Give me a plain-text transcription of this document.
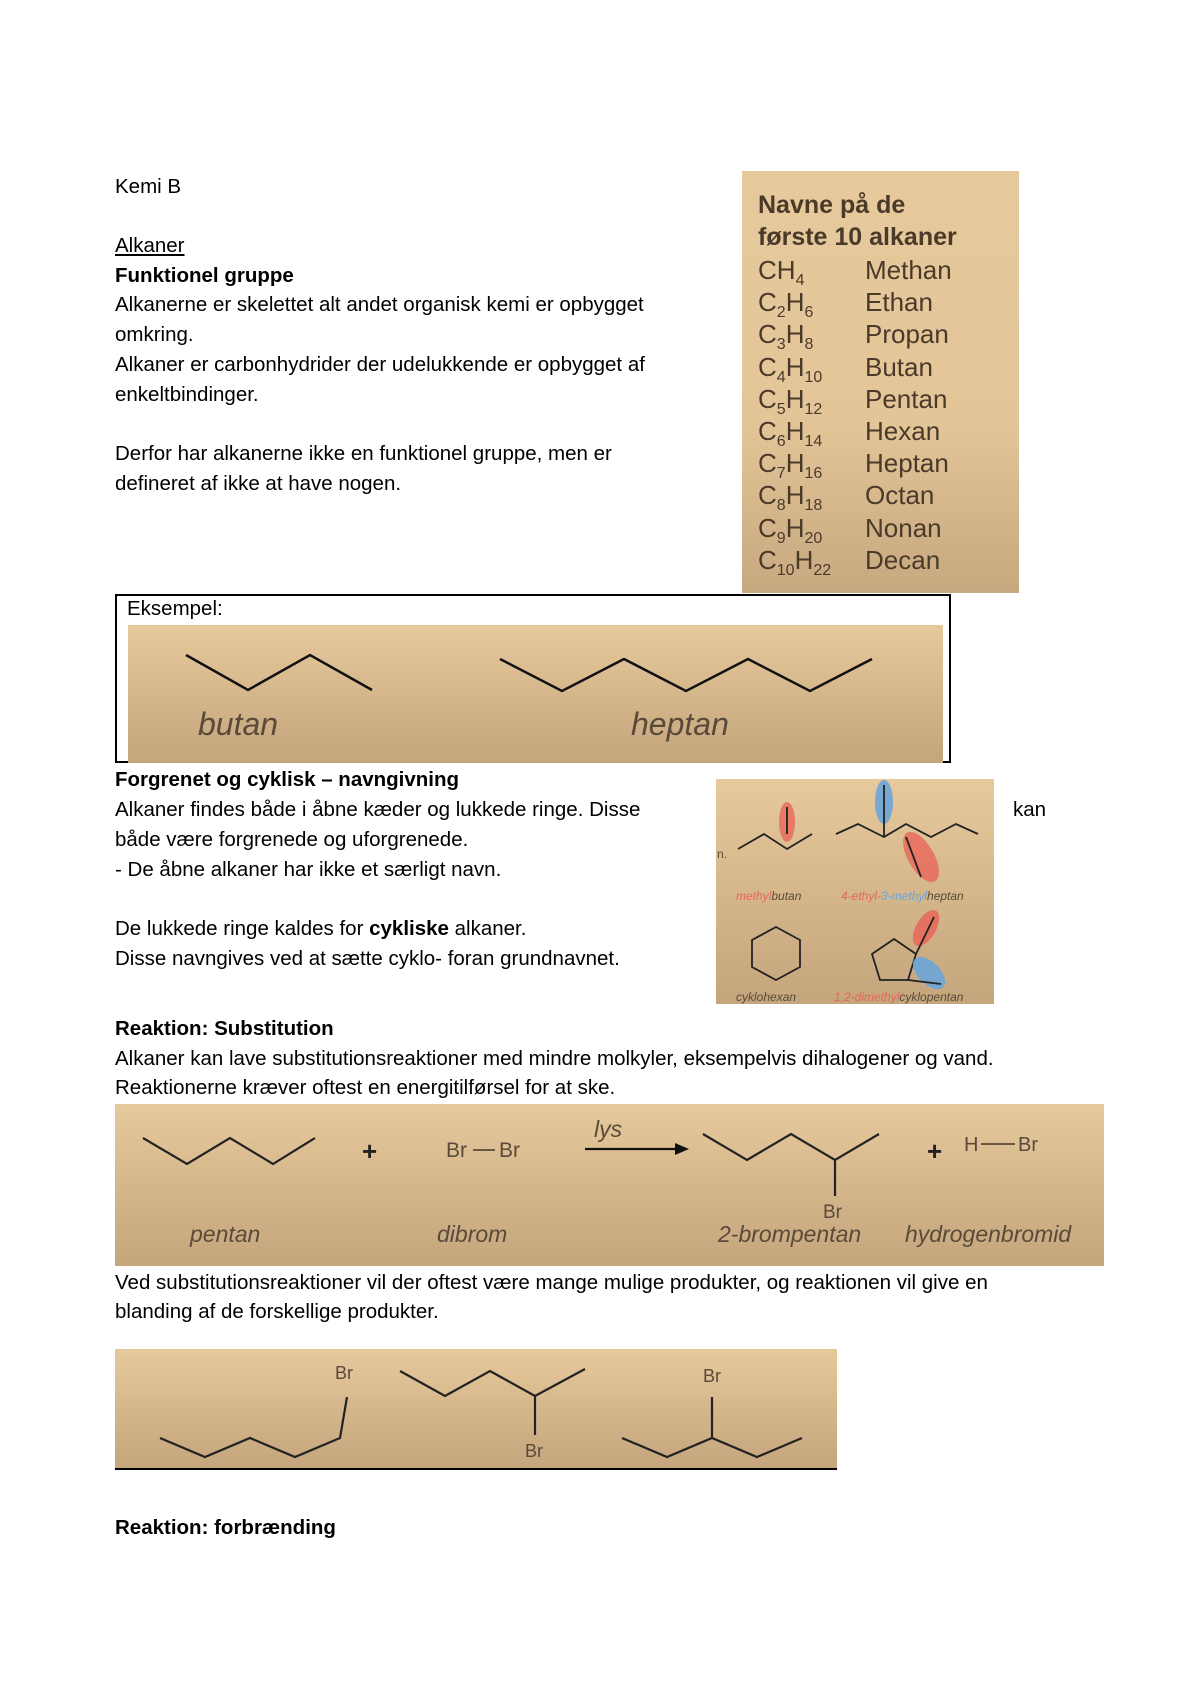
Kemi B
Alkaner
Funktionel gruppe
Alkanerne er skelettet alt andet organisk kemi er opbygget
omkring.
Alkaner er carbonhydrider der udelukkende er opbygget af
enkeltbindinger.
Derfor har alkanerne ikke en funktionel gruppe, men er
defineret af ikke at have nogen.
Navne på de
første 10 alkaner
$CH_4$ Methan
$C_2H_6$ Ethan
$C_3H_8$ Propan
$C_4H_{10}$ Butan
$C_5H_{12}$ Pentan
$C_6H_{14}$ Hexan
$C_7H_{16}$ Heptan
$C_8H_{18}$ Octan
$C_9H_{20}$ Nonan
$C_{10}H_{22}$ Decan
Eksempel:
butan	heptan
Forgrenet og cyklisk – navngivning
Alkaner findes både i åbne kæder og lukkede ringe. Disse	kan
både være forgrenede og uforgrenede.
- De åbne alkaner har ikke et særligt navn.
De lukkede ringe kaldes for cykliske alkaner.
Disse navngives ved at sætte cyklo- foran grundnavnet.
n.
methylbutan	4-ethyl-3-methylheptan
cyklohexan	1,2-dimethylcyklopentan
Reaktion: Substitution
Alkaner kan lave substitutionsreaktioner med mindre molkyler, eksempelvis dihalogener og vand.
Reaktionerne kræver oftest en energitilførsel for at ske.
+	Br Br
lys
Br
+ H Br
pentan	dibrom	2-brompentan hydrogenbromid
Ved substitutionsreaktioner vil der oftest være mange mulige produkter, og reaktionen vil give en
blanding af de forskellige produkter.
Br
Br
Br
Reaktion: forbrænding
